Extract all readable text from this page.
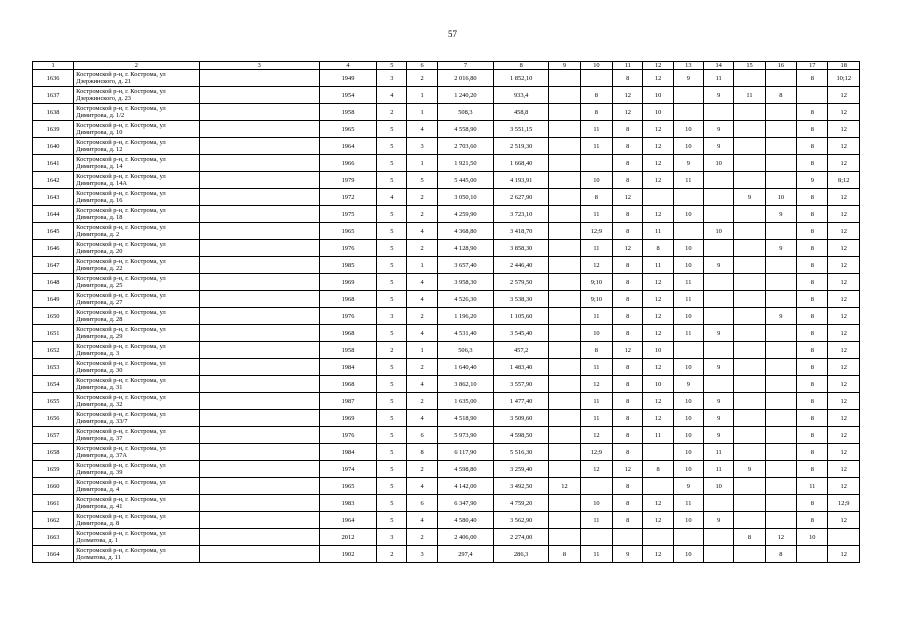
57
1	2	3	4	5	6	7	8	9	10	11	12	13	14	15	16	17	18
1636	Костромской р-н, г. Кострома, ул Дзержинского, д. 21		1949	3	2	2 016,80	1 852,10			8	12	9	11			8	10;12
1637	Костромской р-н, г. Кострома, ул Дзержинского, д. 23		1954	4	1	1 240,20	933,4		8	12	10		9	11	8		12
1638	Костромской р-н, г. Кострома, ул Димитрова, д. 1/2		1958	2	1	508,3	458,8		8	12	10					8	12
1639	Костромской р-н, г. Кострома, ул Димитрова, д. 10		1965	5	4	4 558,90	3 551,15		11	8	12	10	9			8	12
1640	Костромской р-н, г. Кострома, ул Димитрова, д. 12		1964	5	3	2 703,60	2 519,30		11	8	12	10	9			8	12
1641	Костромской р-н, г. Кострома, ул Димитрова, д. 14		1966	5	1	1 921,50	1 668,40			8	12	9	10			8	12
1642	Костромской р-н, г. Кострома, ул Димитрова, д. 14А		1979	5	5	5 445,00	4 193,91		10	8	12	11				9	8;12
1643	Костромской р-н, г. Кострома, ул Димитрова, д. 16		1972	4	2	3 050,10	2 627,90		8	12				9	10	8	12
1644	Костромской р-н, г. Кострома, ул Димитрова, д. 18		1975	5	2	4 259,90	3 723,10		11	8	12	10			9	8	12
1645	Костромской р-н, г. Кострома, ул Димитрова, д. 2		1965	5	4	4 368,80	3 418,70		12;9	8	11		10			8	12
1646	Костромской р-н, г. Кострома, ул Димитрова, д. 20		1976	5	2	4 128,90	3 858,30		11	12	8	10			9	8	12
1647	Костромской р-н, г. Кострома, ул Димитрова, д. 22		1985	5	1	3 657,40	2 446,40		12	8	11	10	9			8	12
1648	Костромской р-н, г. Кострома, ул Димитрова, д. 25		1969	5	4	3 958,30	2 579,50		9;10	8	12	11				8	12
1649	Костромской р-н, г. Кострома, ул Димитрова, д. 27		1968	5	4	4 526,30	3 538,30		9;10	8	12	11				8	12
1650	Костромской р-н, г. Кострома, ул Димитрова, д. 28		1976	3	2	1 196,20	1 105,60		11	8	12	10			9	8	12
1651	Костромской р-н, г. Кострома, ул Димитрова, д. 29		1968	5	4	4 531,40	3 545,40		10	8	12	11	9			8	12
1652	Костромской р-н, г. Кострома, ул Димитрова, д. 3		1958	2	1	506,3	457,2		8	12	10					8	12
1653	Костромской р-н, г. Кострома, ул Димитрова, д. 30		1984	5	2	1 640,40	1 483,40		11	8	12	10	9			8	12
1654	Костромской р-н, г. Кострома, ул Димитрова, д. 31		1968	5	4	3 862,10	3 557,90		12	8	10	9				8	12
1655	Костромской р-н, г. Кострома, ул Димитрова, д. 32		1987	5	2	1 635,00	1 477,40		11	8	12	10	9			8	12
1656	Костромской р-н, г. Кострома, ул Димитрова, д. 33/7		1969	5	4	4 518,90	3 509,60		11	8	12	10	9			8	12
1657	Костромской р-н, г. Кострома, ул Димитрова, д. 37		1976	5	6	5 973,90	4 598,50		12	8	11	10	9			8	12
1658	Костромской р-н, г. Кострома, ул Димитрова, д. 37А		1984	5	8	6 117,90	5 516,30		12;9	8		10	11			8	12
1659	Костромской р-н, г. Кострома, ул Димитрова, д. 39		1974	5	2	4 598,80	3 259,40		12	12	8	10	11	9		8	12
1660	Костромской р-н, г. Кострома, ул Димитрова, д. 4		1965	5	4	4 142,00	3 492,50	12		8		9	10			11	12
1661	Костромской р-н, г. Кострома, ул Димитрова, д. 41		1983	5	6	6 347,90	4 759,20		10	8	12	11				8	12;9
1662	Костромской р-н, г. Кострома, ул Димитрова, д. 8		1964	5	4	4 580,40	3 562,90		11	8	12	10	9			8	12
1663	Костромской р-н, г. Кострома, ул Долматова, д. 1		2012	3	2	2 406,00	2 274,00							8	12	10	
1664	Костромской р-н, г. Кострома, ул Долматова, д. 11		1902	2	3	297,4	286,3	8	11	9	12	10			8		12
